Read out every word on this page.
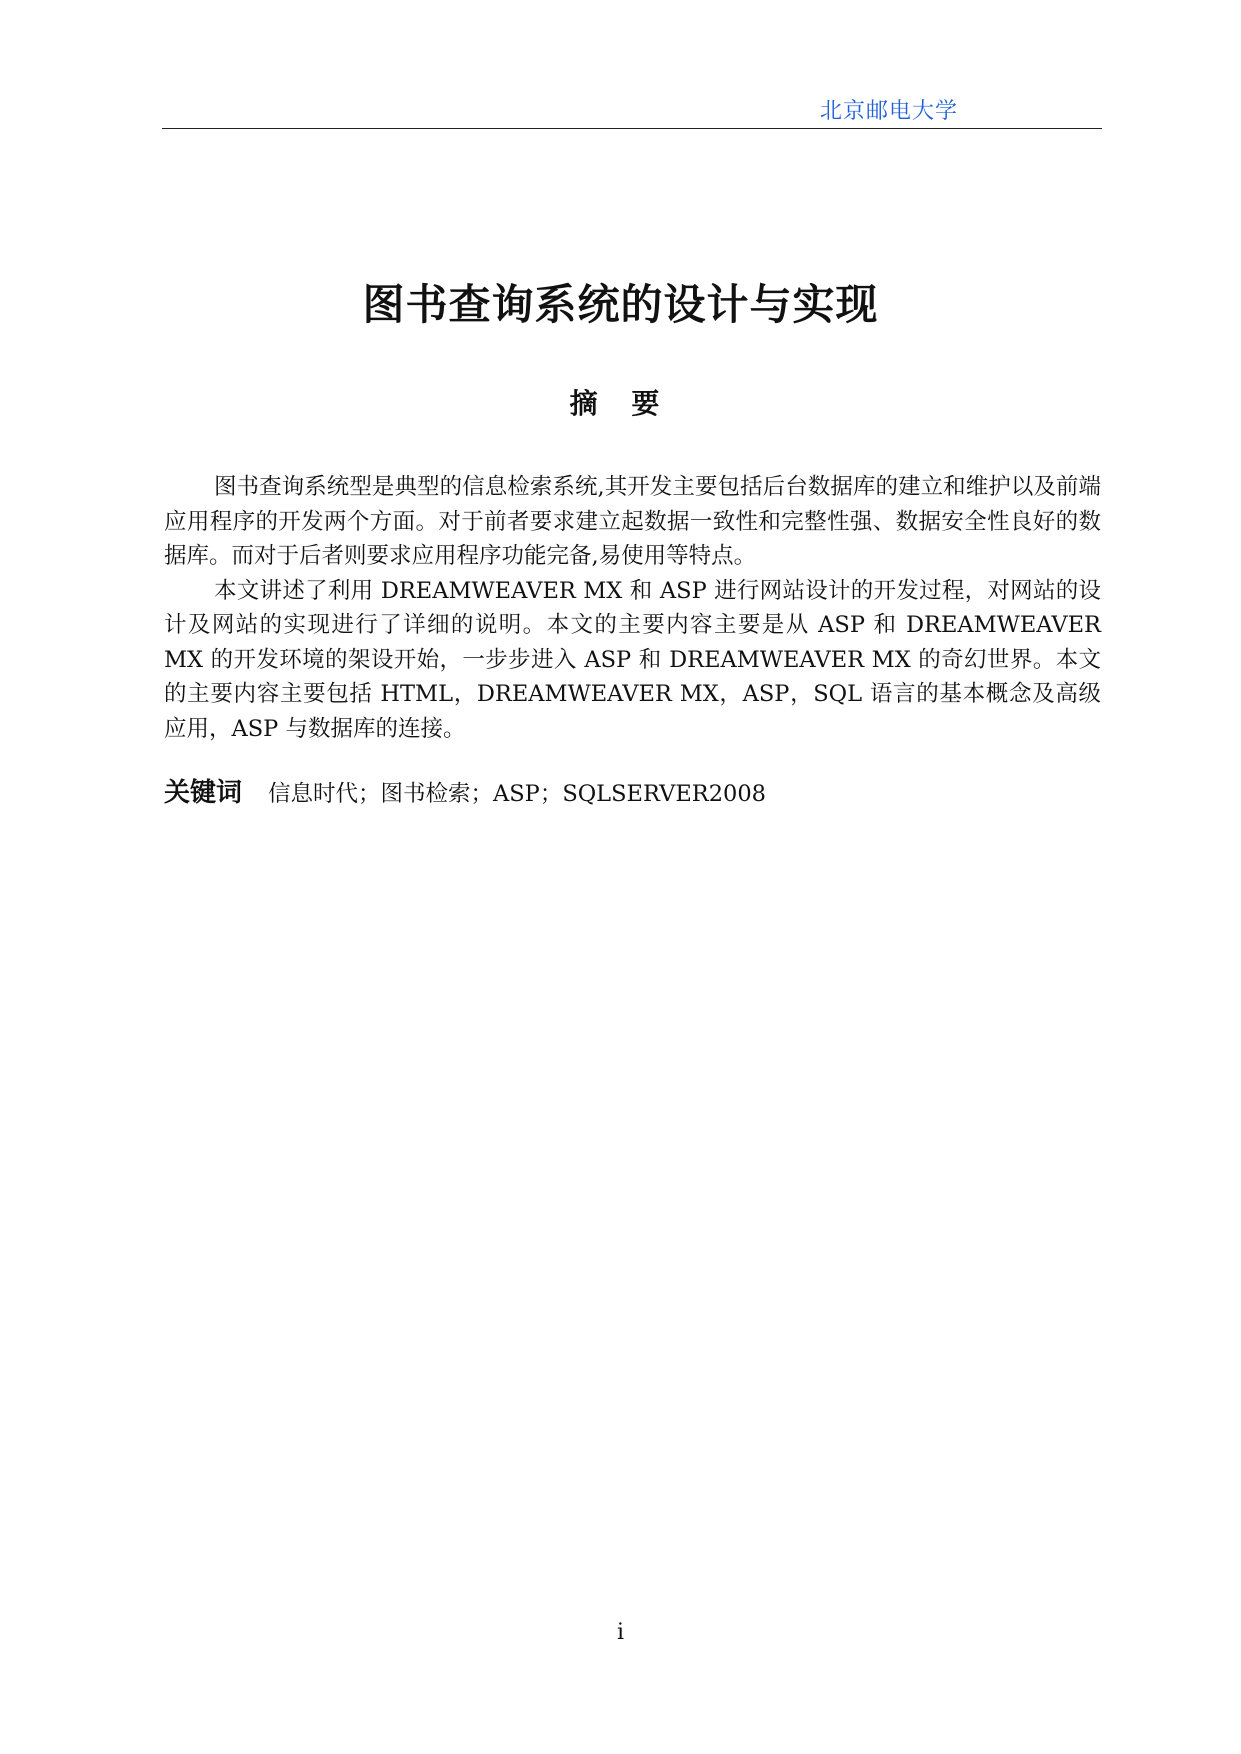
北京邮电大学
图书查询系统的设计与实现
摘 要

图书查询系统型是典型的信息检索系统,其开发主要包括后台数据库的建立和维护以及前端应用程序的开发两个方面。对于前者要求建立起数据一致性和完整性强、数据安全性良好的数据库。而对于后者则要求应用程序功能完备,易使用等特点。

本文讲述了利用 DREAMWEAVER MX 和 ASP 进行网站设计的开发过程，对网站的设计及网站的实现进行了详细的说明。本文的主要内容主要是从 ASP 和 DREAMWEAVER MX 的开发环境的架设开始，一步步进入 ASP 和 DREAMWEAVER MX 的奇幻世界。本文的主要内容主要包括 HTML，DREAMWEAVER MX，ASP，SQL 语言的基本概念及高级应用，ASP 与数据库的连接。

关键词 信息时代；图书检索；ASP；SQLSERVER2008
i
